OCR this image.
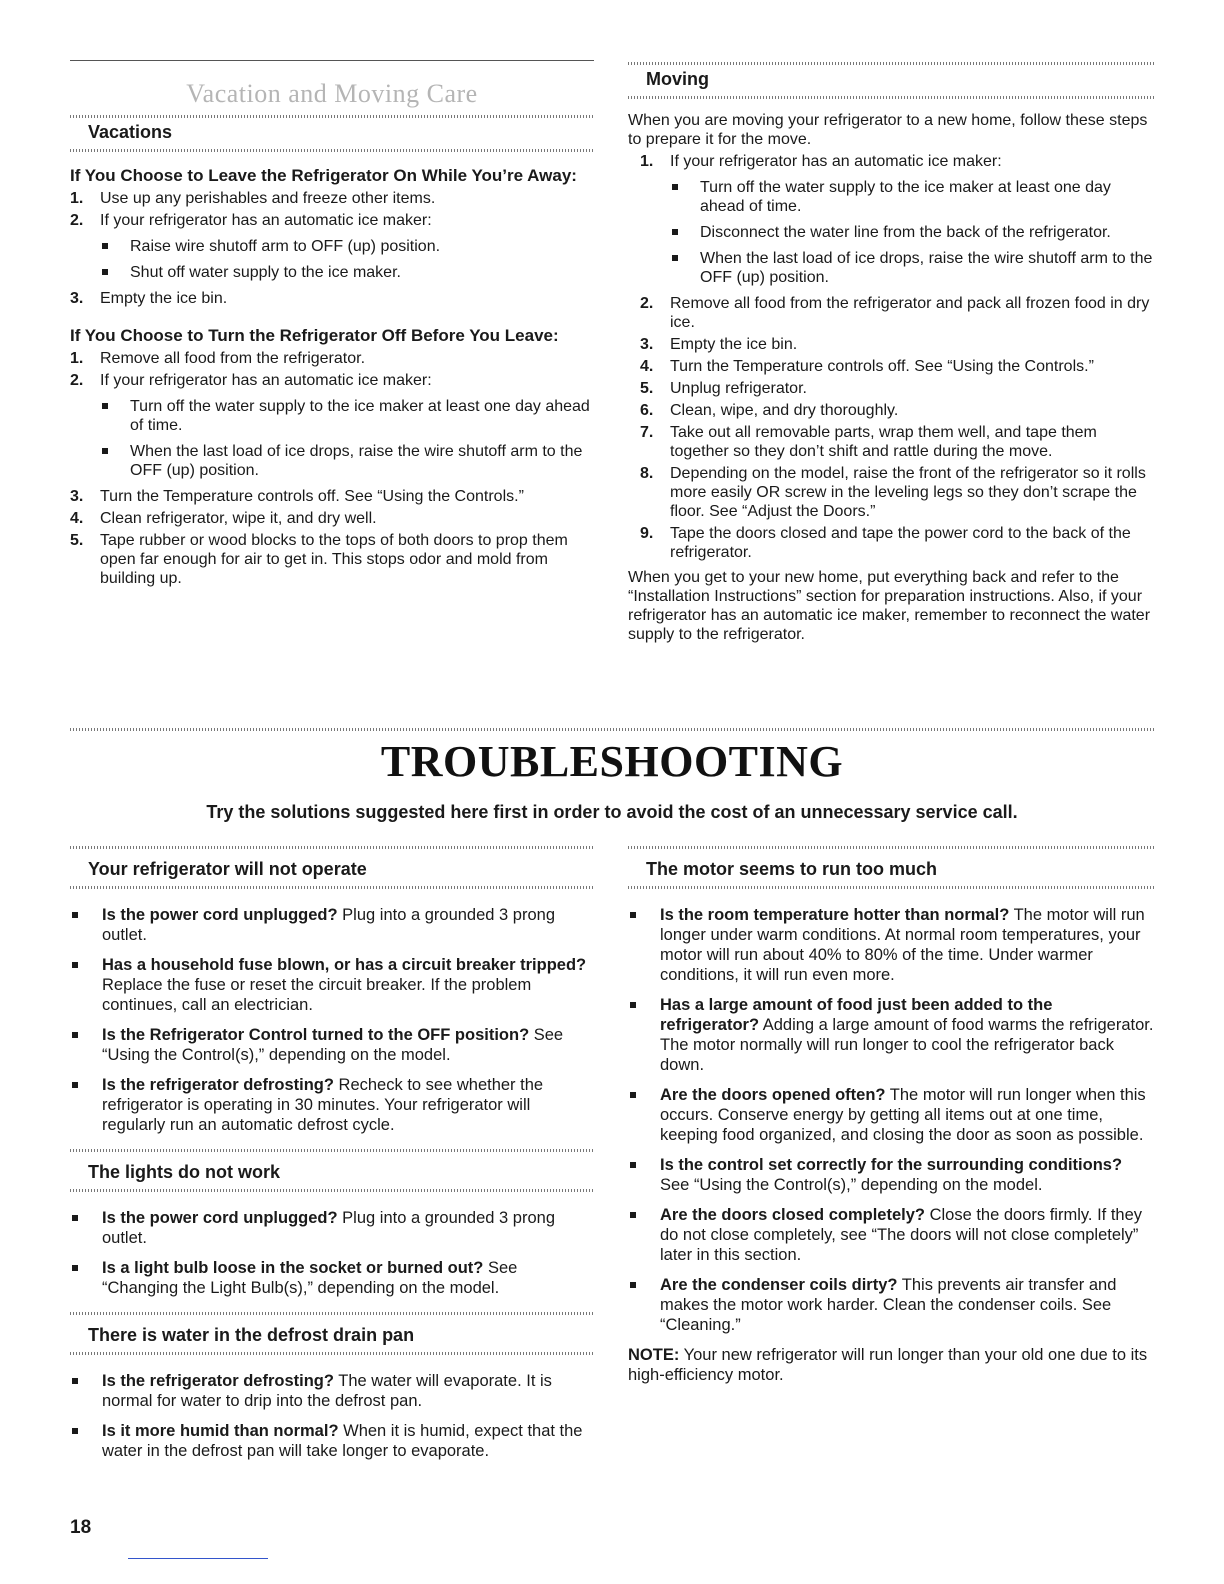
Vacation and Moving Care
Vacations
If You Choose to Leave the Refrigerator On While You’re Away:
1.	Use up any perishables and freeze other items.
2.	If your refrigerator has an automatic ice maker:
Raise wire shutoff arm to OFF (up) position.
Shut off water supply to the ice maker.
3.	Empty the ice bin.
If You Choose to Turn the Refrigerator Off Before You Leave:
1.	Remove all food from the refrigerator.
2.	If your refrigerator has an automatic ice maker:
Turn off the water supply to the ice maker at least one day ahead of time.
When the last load of ice drops, raise the wire shutoff arm to the OFF (up) position.
3.	Turn the Temperature controls off. See “Using the Controls.”
4.	Clean refrigerator, wipe it, and dry well.
5.	Tape rubber or wood blocks to the tops of both doors to prop them open far enough for air to get in. This stops odor and mold from building up.
Moving

When you are moving your refrigerator to a new home, follow these steps to prepare it for the move.

1.	If your refrigerator has an automatic ice maker:
Turn off the water supply to the ice maker at least one day ahead of time.
Disconnect the water line from the back of the refrigerator.
When the last load of ice drops, raise the wire shutoff arm to the OFF (up) position.
2.	Remove all food from the refrigerator and pack all frozen food in dry ice.
3.	Empty the ice bin.
4.	Turn the Temperature controls off. See “Using the Controls.”
5.	Unplug refrigerator.
6.	Clean, wipe, and dry thoroughly.
7.	Take out all removable parts, wrap them well, and tape them together so they don’t shift and rattle during the move.
8.	Depending on the model, raise the front of the refrigerator so it rolls more easily OR screw in the leveling legs so they don’t scrape the floor. See “Adjust the Doors.”
9.	Tape the doors closed and tape the power cord to the back of the refrigerator.

When you get to your new home, put everything back and refer to the “Installation Instructions” section for preparation instructions. Also, if your refrigerator has an automatic ice maker, remember to reconnect the water supply to the refrigerator.

TROUBLESHOOTING
Try the solutions suggested here first in order to avoid the cost of an unnecessary service call.
Your refrigerator will not operate
Is the power cord unplugged? Plug into a grounded 3 prong outlet.
Has a household fuse blown, or has a circuit breaker tripped? Replace the fuse or reset the circuit breaker. If the problem continues, call an electrician.
Is the Refrigerator Control turned to the OFF position? See “Using the Control(s),” depending on the model.
Is the refrigerator defrosting? Recheck to see whether the refrigerator is operating in 30 minutes. Your refrigerator will regularly run an automatic defrost cycle.
The lights do not work
Is the power cord unplugged? Plug into a grounded 3 prong outlet.
Is a light bulb loose in the socket or burned out? See “Changing the Light Bulb(s),” depending on the model.
There is water in the defrost drain pan
Is the refrigerator defrosting? The water will evaporate. It is normal for water to drip into the defrost pan.
Is it more humid than normal? When it is humid, expect that the water in the defrost pan will take longer to evaporate.
The motor seems to run too much
Is the room temperature hotter than normal? The motor will run longer under warm conditions. At normal room temperatures, your motor will run about 40% to 80% of the time. Under warmer conditions, it will run even more.
Has a large amount of food just been added to the refrigerator? Adding a large amount of food warms the refrigerator. The motor normally will run longer to cool the refrigerator back down.
Are the doors opened often? The motor will run longer when this occurs. Conserve energy by getting all items out at one time, keeping food organized, and closing the door as soon as possible.
Is the control set correctly for the surrounding conditions? See “Using the Control(s),” depending on the model.
Are the doors closed completely? Close the doors firmly. If they do not close completely, see “The doors will not close completely” later in this section.
Are the condenser coils dirty? This prevents air transfer and makes the motor work harder. Clean the condenser coils. See “Cleaning.”

NOTE: Your new refrigerator will run longer than your old one due to its high-efficiency motor.

18
